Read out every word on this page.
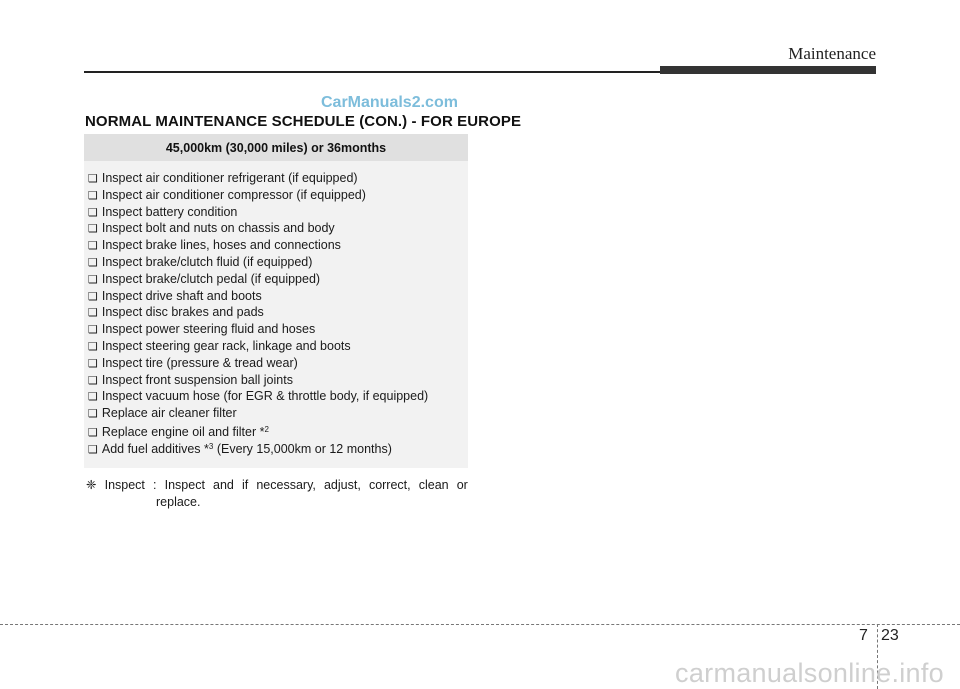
Maintenance
CarManuals2.com
NORMAL MAINTENANCE SCHEDULE (CON.) - FOR EUROPE
45,000km (30,000 miles) or 36months
❑ Inspect air conditioner refrigerant (if equipped)
❑ Inspect air conditioner compressor (if equipped)
❑ Inspect battery condition
❑ Inspect bolt and nuts on chassis and body
❑ Inspect brake lines, hoses and connections
❑ Inspect brake/clutch fluid (if equipped)
❑ Inspect brake/clutch pedal (if equipped)
❑ Inspect drive shaft and boots
❑ Inspect disc brakes and pads
❑ Inspect power steering fluid and hoses
❑ Inspect steering gear rack, linkage and boots
❑ Inspect tire (pressure & tread wear)
❑ Inspect front suspension ball joints
❑ Inspect vacuum hose (for EGR & throttle body, if equipped)
❑ Replace air cleaner filter
❑ Replace engine oil and filter *$^2$
❑ Add fuel additives *$^3$ (Every 15,000km or 12 months)
❈ Inspect : Inspect and if necessary, adjust, correct, clean or
replace.
7 23
carmanualsonline.info
